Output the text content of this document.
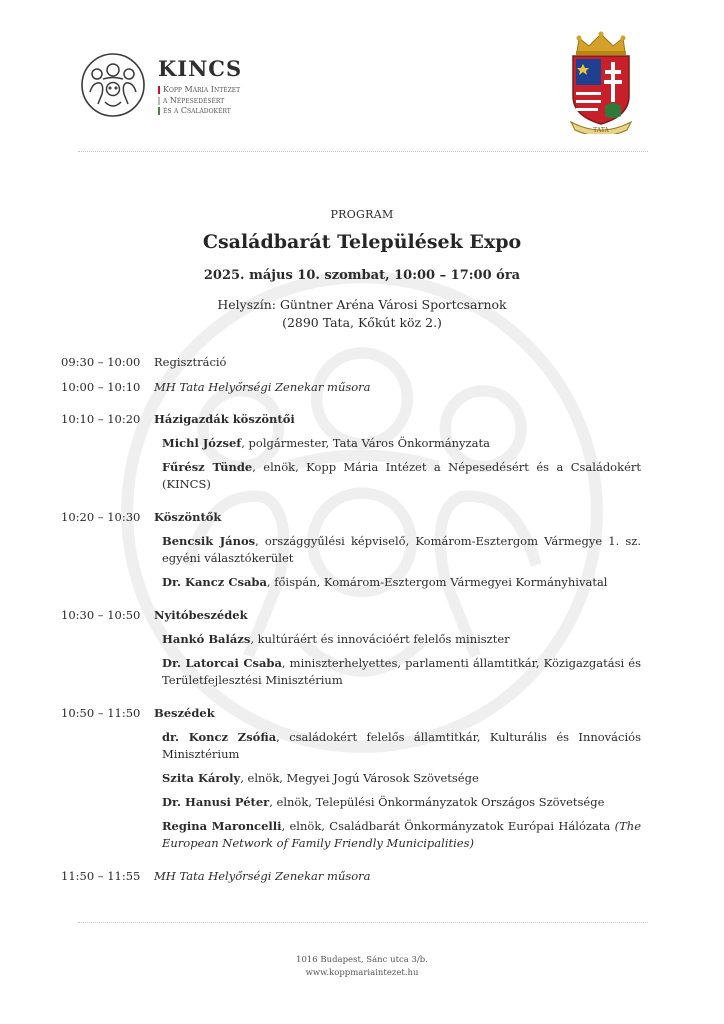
KINCS
Kopp Mária Intézet
a Népesedésért
és a Családokért
TATA
PROGRAM
Családbarát Települések Expo
2025. május 10. szombat, 10:00 – 17:00 óra
Helyszín: Güntner Aréna Városi Sportcsarnok
(2890 Tata, Kőkút köz 2.)
09:30 – 10:00 Regisztráció
10:00 – 10:10 MH Tata Helyőrségi Zenekar műsora
10:10 – 10:20 Házigazdák köszöntői
Michl József, polgármester, Tata Város Önkormányzata
Fűrész Tünde, elnök, Kopp Mária Intézet a Népesedésért és a Családokért (KINCS)
10:20 – 10:30 Köszöntők
Bencsik János, országgyűlési képviselő, Komárom-Esztergom Vármegye 1. sz. egyéni választókerület
Dr. Kancz Csaba, főispán, Komárom-Esztergom Vármegyei Kormányhivatal
10:30 – 10:50 Nyitóbeszédek
Hankó Balázs, kultúráért és innovációért felelős miniszter
Dr. Latorcai Csaba, miniszterhelyettes, parlamenti államtitkár, Közigazgatási és Területfejlesztési Minisztérium
10:50 – 11:50 Beszédek
dr. Koncz Zsófia, családokért felelős államtitkár, Kulturális és Innovációs Minisztérium
Szita Károly, elnök, Megyei Jogú Városok Szövetsége
Dr. Hanusi Péter, elnök, Települési Önkormányzatok Országos Szövetsége
Regina Maroncelli, elnök, Családbarát Önkormányzatok Európai Hálózata (The European Network of Family Friendly Municipalities)
11:50 – 11:55 MH Tata Helyőrségi Zenekar műsora
1016 Budapest, Sánc utca 3/b.
www.koppmariaintezet.hu
